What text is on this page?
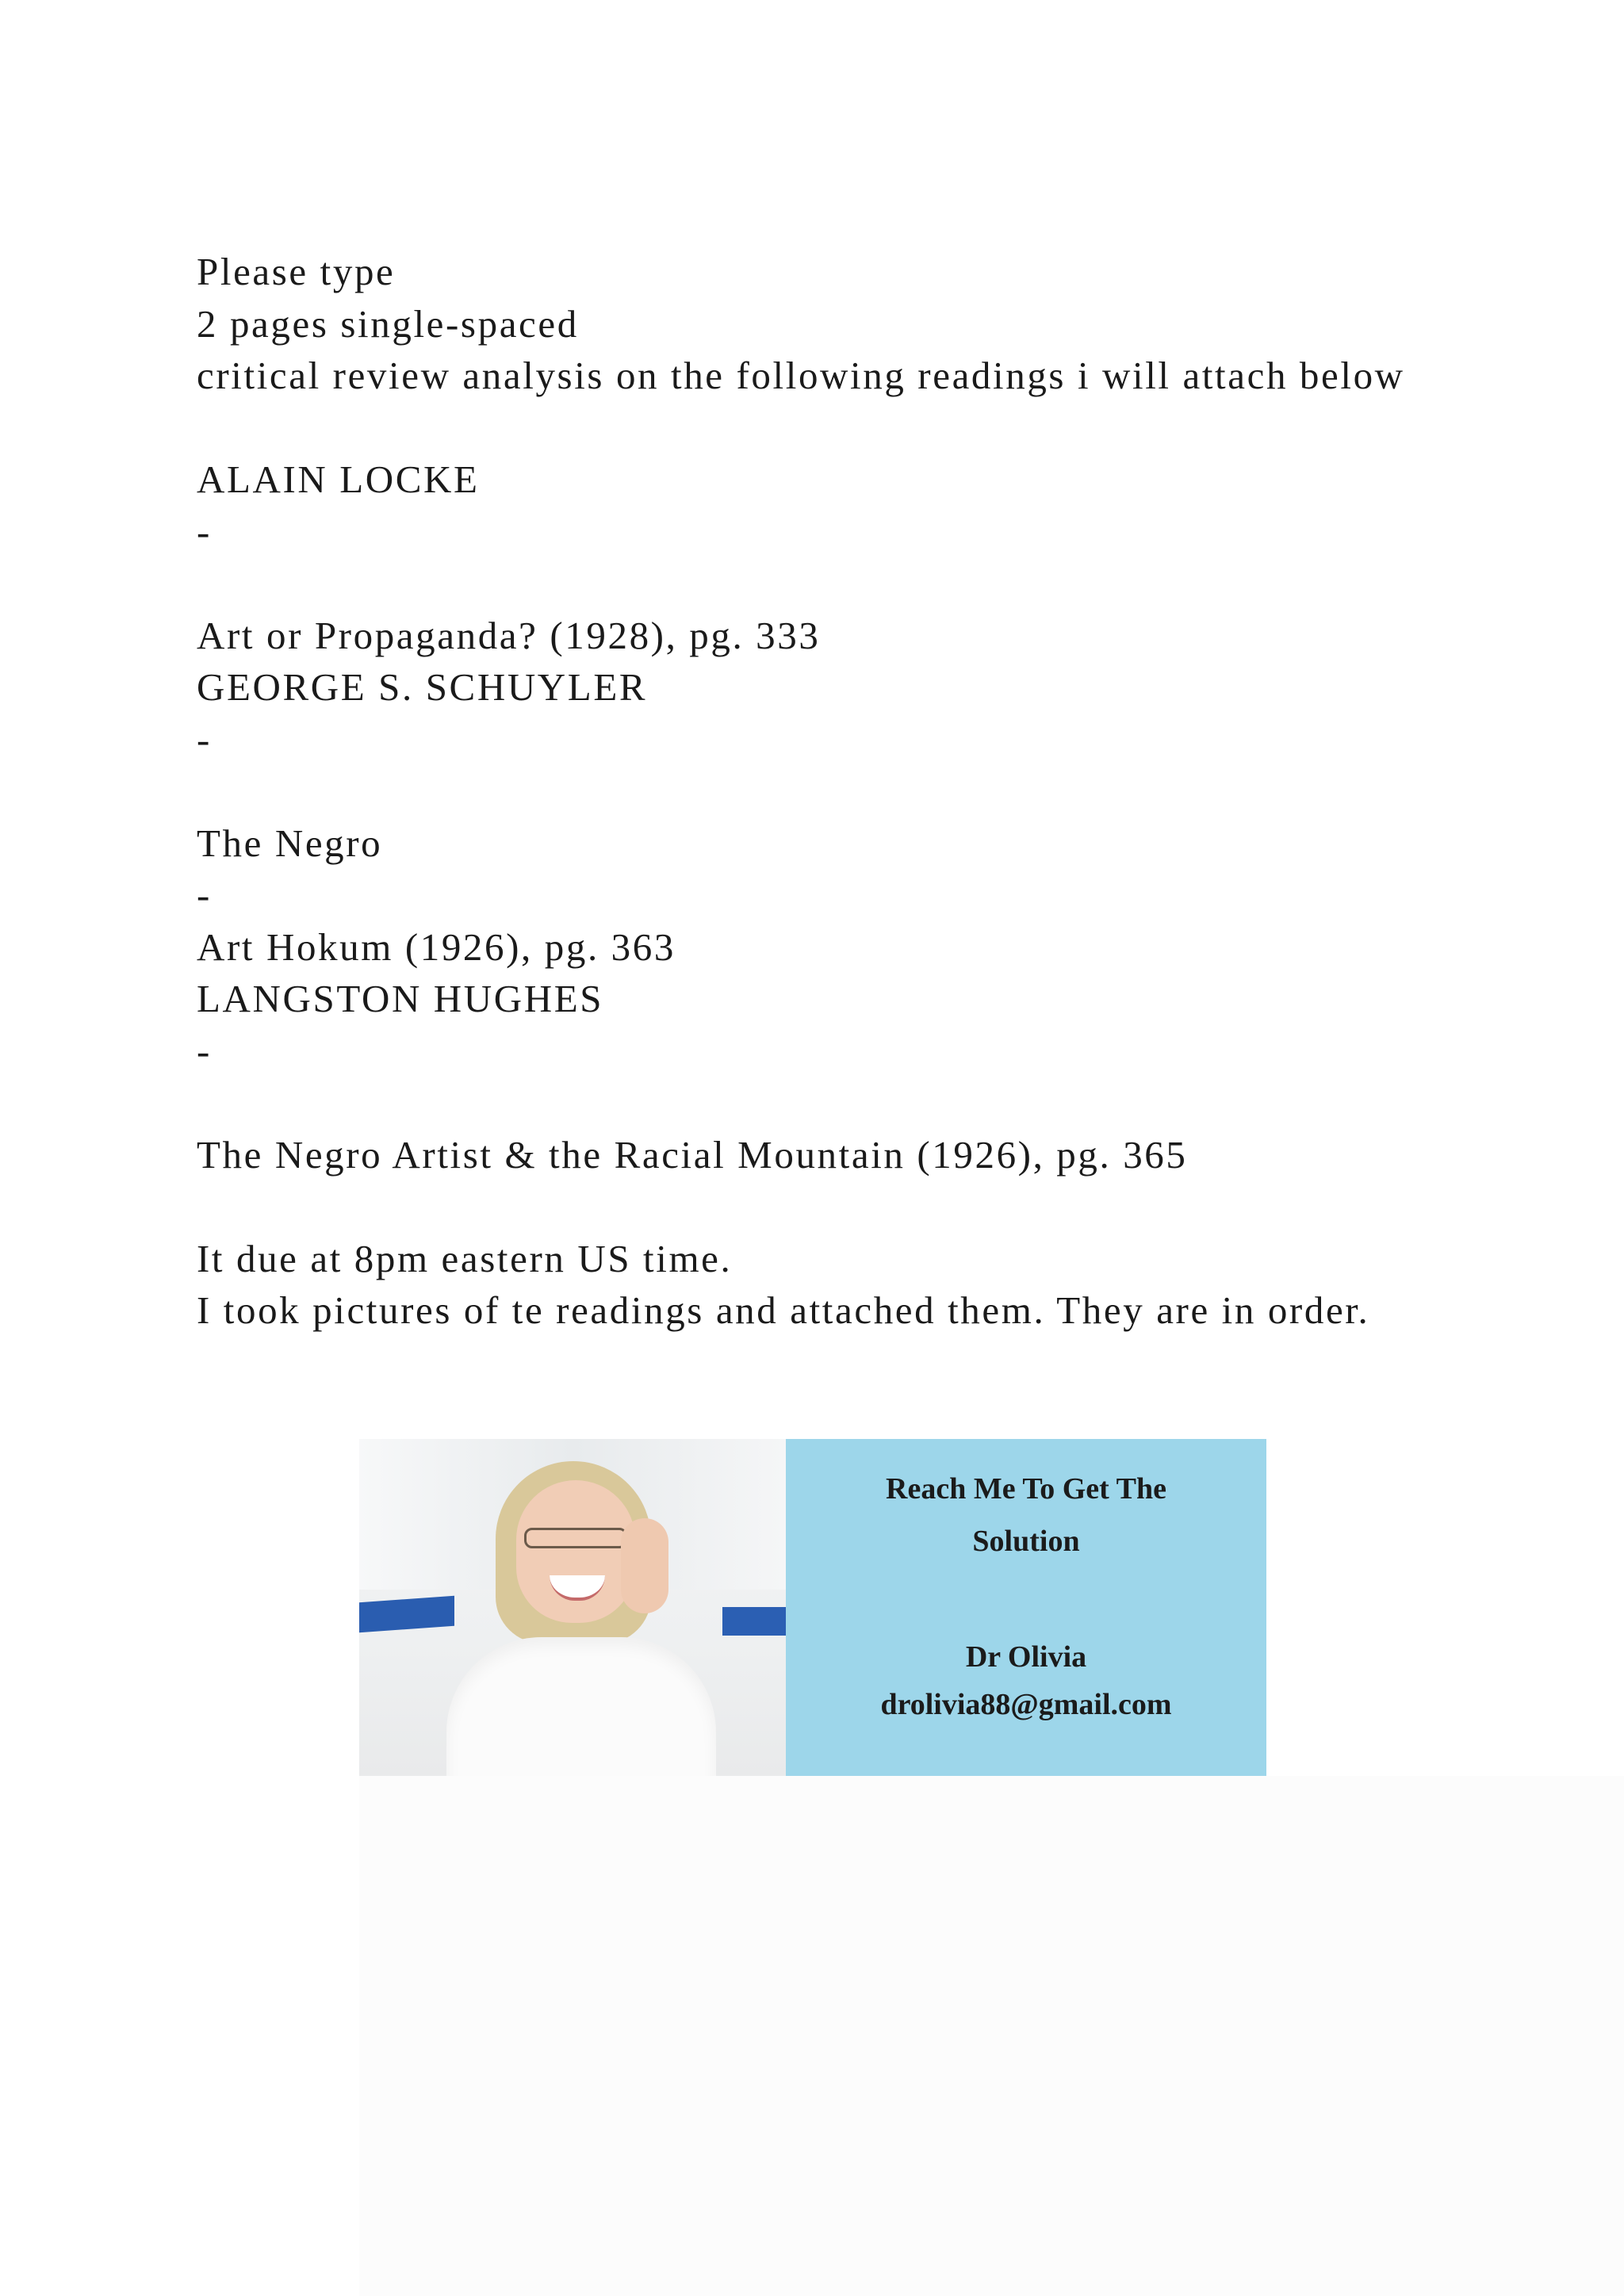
Please type
2 pages single-spaced
critical review analysis on the following readings i will attach below
ALAIN LOCKE
-
Art or Propaganda? (1928), pg. 333
GEORGE S. SCHUYLER
-
The Negro
-
Art Hokum (1926), pg. 363
LANGSTON HUGHES
-
The Negro Artist & the Racial Mountain (1926), pg. 365
It due at 8pm eastern US time.
I took pictures of te readings and attached them. They are in order.
Reach Me To Get The
Solution
Dr Olivia
drolivia88@gmail.com
